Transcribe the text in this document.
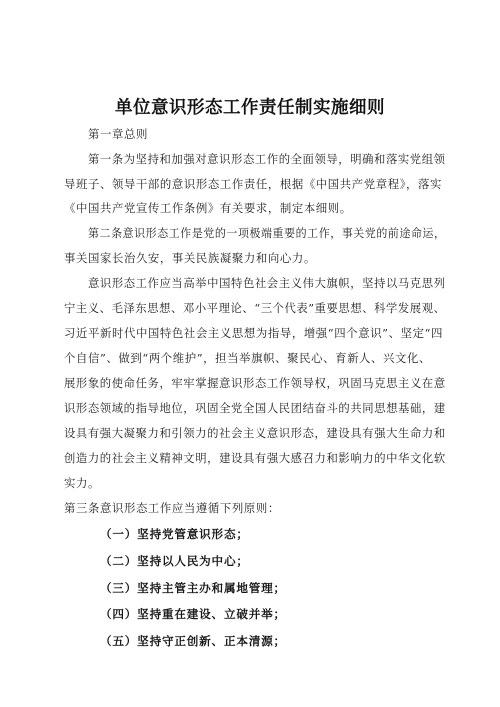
单位意识形态工作责任制实施细则
第一章总则
第一条为坚持和加强对意识形态工作的全面领导，明确和落实党组领
导班子、领导干部的意识形态工作责任，根据《中国共产党章程》，落实
《中国共产党宣传工作条例》有关要求，制定本细则。
第二条意识形态工作是党的一项极端重要的工作，事关党的前途命运，
事关国家长治久安，事关民族凝聚力和向心力。
意识形态工作应当高举中国特色社会主义伟大旗帜，坚持以马克思列
宁主义、毛泽东思想、邓小平理论、“三个代表”重要思想、科学发展观、
习近平新时代中国特色社会主义思想为指导，增强“四个意识”、坚定“四
个自信”、做到“两个维护”，担当举旗帜、聚民心、育新人、兴文化、
展形象的使命任务，牢牢掌握意识形态工作领导权，巩固马克思主义在意
识形态领域的指导地位，巩固全党全国人民团结奋斗的共同思想基础，建
设具有强大凝聚力和引领力的社会主义意识形态，建设具有强大生命力和
创造力的社会主义精神文明，建设具有强大感召力和影响力的中华文化软
实力。
第三条意识形态工作应当遵循下列原则：
（一）坚持党管意识形态；
（二）坚持以人民为中心；
（三）坚持主管主办和属地管理；
（四）坚持重在建设、立破并举；
（五）坚持守正创新、正本清源；
